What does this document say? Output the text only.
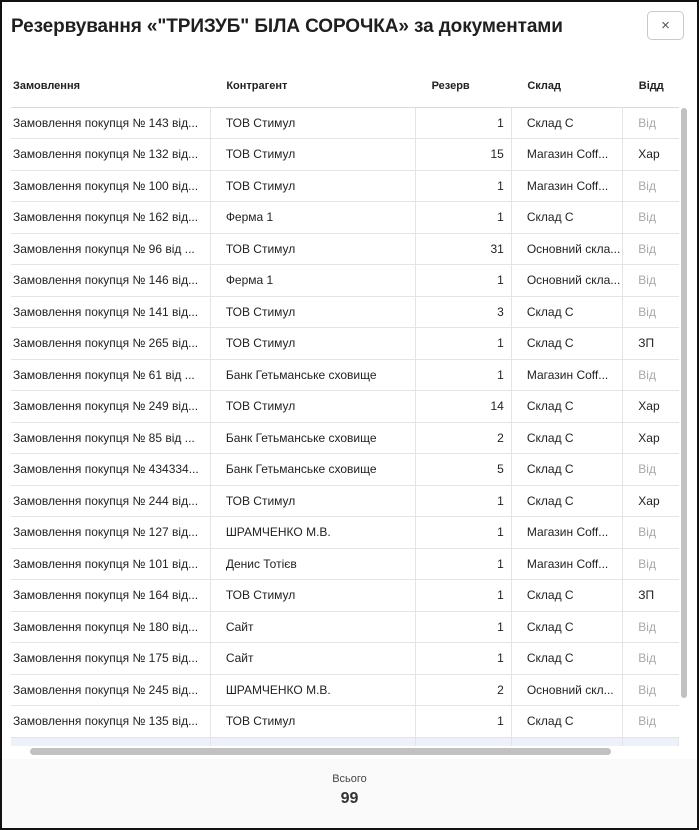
Резервування «"ТРИЗУБ" БІЛА СОРОЧКА» за документами	×
Замовлення	Контрагент	Резерв	Склад	Відд
Замовлення покупця № 143 від...	ТОВ Стимул	1	Склад С	Від
Замовлення покупця № 132 від...	ТОВ Стимул	15	Магазин Coff...	Хар
Замовлення покупця № 100 від...	ТОВ Стимул	1	Магазин Coff...	Від
Замовлення покупця № 162 від...	Ферма 1	1	Склад С	Від
Замовлення покупця № 96 від ...	ТОВ Стимул	31	Основний скла...	Від
Замовлення покупця № 146 від...	Ферма 1	1	Основний скла...	Від
Замовлення покупця № 141 від...	ТОВ Стимул	3	Склад С	Від
Замовлення покупця № 265 від...	ТОВ Стимул	1	Склад С	ЗП
Замовлення покупця № 61 від ...	Банк Гетьманське сховище	1	Магазин Coff...	Від
Замовлення покупця № 249 від...	ТОВ Стимул	14	Склад С	Хар
Замовлення покупця № 85 від ...	Банк Гетьманське сховище	2	Склад С	Хар
Замовлення покупця № 434334...	Банк Гетьманське сховище	5	Склад С	Від
Замовлення покупця № 244 від...	ТОВ Стимул	1	Склад С	Хар
Замовлення покупця № 127 від...	ШРАМЧЕНКО М.В.	1	Магазин Coff...	Від
Замовлення покупця № 101 від...	Денис Тотієв	1	Магазин Coff...	Від
Замовлення покупця № 164 від...	ТОВ Стимул	1	Склад С	ЗП
Замовлення покупця № 180 від...	Сайт	1	Склад С	Від
Замовлення покупця № 175 від...	Сайт	1	Склад С	Від
Замовлення покупця № 245 від...	ШРАМЧЕНКО М.В.	2	Основний скл...	Від
Замовлення покупця № 135 від...	ТОВ Стимул	1	Склад С	Від

Всього
99
